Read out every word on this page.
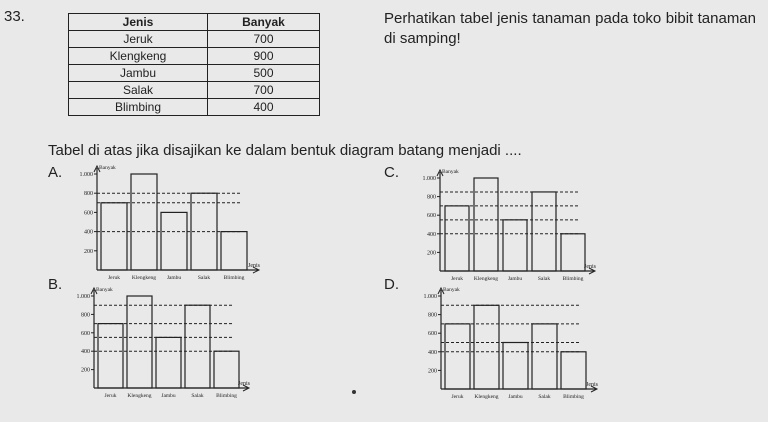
33.	Jenis	Banyak
Jeruk	700
Klengkeng	900
Jambu	500
Salak	700
Blimbing	400
Perhatikan tabel jenis tanaman pada toko bibit tanaman di samping!
Tabel di atas jika disajikan ke dalam bentuk diagram batang menjadi ....
A.	C.
B.	D.
Banyak
Jenis
200
400
600
800
1.000
Jeruk Klengkeng Jambu	Salak Blimbing
Banyak
Jenis
200
400
600
800
1.000
Jeruk Klengkeng Jambu	Salak Blimbing
Banyak
Jenis
200
400
600
800
1.000
Jeruk Klengkeng Jambu	Salak Blimbing
Banyak
Jenis
200
400
600
800
1.000
Jeruk Klengkeng Jambu	Salak Blimbing
